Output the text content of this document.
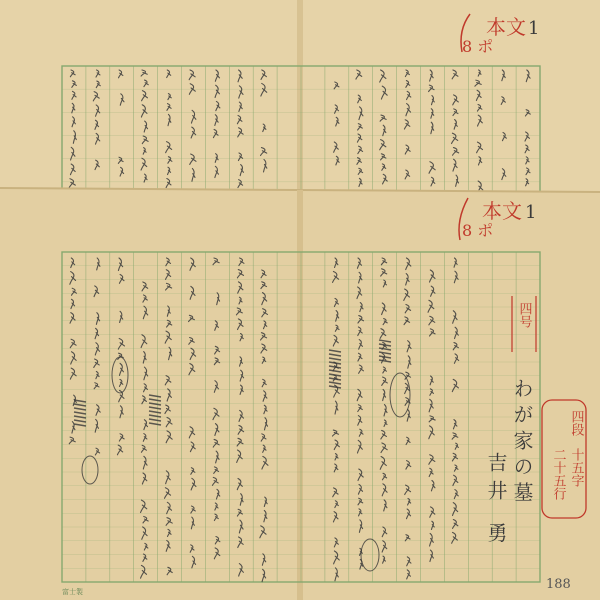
1
本文
8 ポ
1
本文
8 ポ
四号
わが家の墓
吉井 勇
四段
十五字
二十五行
富士製	188
